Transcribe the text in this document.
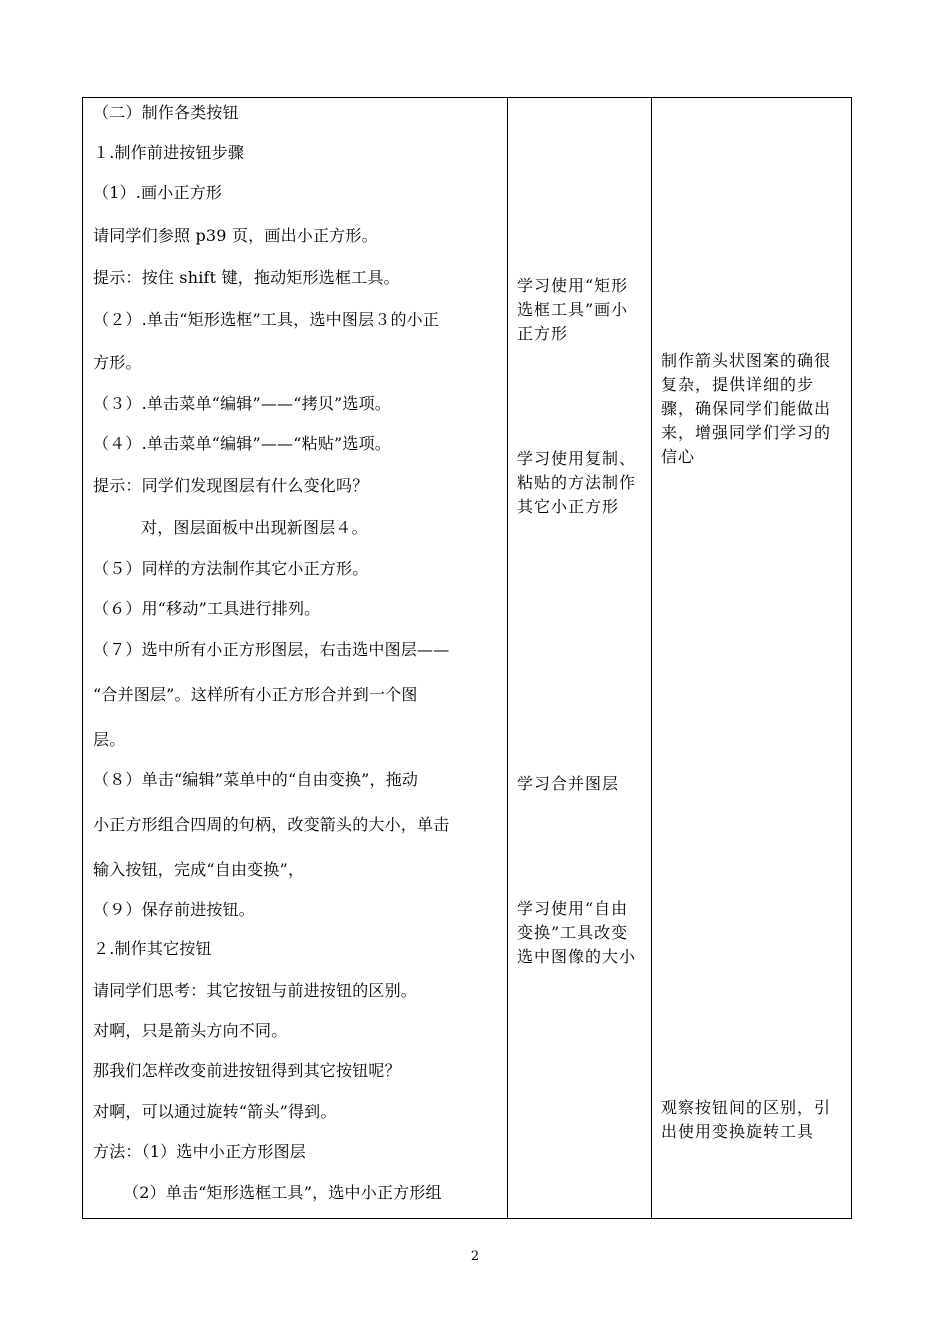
（二）制作各类按钮
１.制作前进按钮步骤
（1）.画小正方形
请同学们参照 p39 页，画出小正方形。
提示：按住 shift 键，拖动矩形选框工具。
（２）.单击“矩形选框”工具，选中图层３的小正
方形。
（３）.单击菜单“编辑”——“拷贝”选项。
（４）.单击菜单“编辑”——“粘贴”选项。
提示：同学们发现图层有什么变化吗？
对，图层面板中出现新图层４。
（５）同样的方法制作其它小正方形。
（６）用“移动”工具进行排列。
（７）选中所有小正方形图层，右击选中图层——
“合并图层”。这样所有小正方形合并到一个图
层。
（８）单击“编辑”菜单中的“自由变换”，拖动
小正方形组合四周的句柄，改变箭头的大小，单击
输入按钮，完成“自由变换”，
（９）保存前进按钮。
２.制作其它按钮
请同学们思考：其它按钮与前进按钮的区别。
对啊，只是箭头方向不同。
那我们怎样改变前进按钮得到其它按钮呢？
对啊，可以通过旋转“箭头”得到。
方法：（1）选中小正方形图层
（2）单击“矩形选框工具”，选中小正方形组
学习使用“矩形选框工具”画小正方形
学习使用复制、粘贴的方法制作其它小正方形
学习合并图层
学习使用“自由变换”工具改变选中图像的大小
制作箭头状图案的确很复杂，提供详细的步骤，确保同学们能做出来，增强同学们学习的信心
观察按钮间的区别，引出使用变换旋转工具
2
